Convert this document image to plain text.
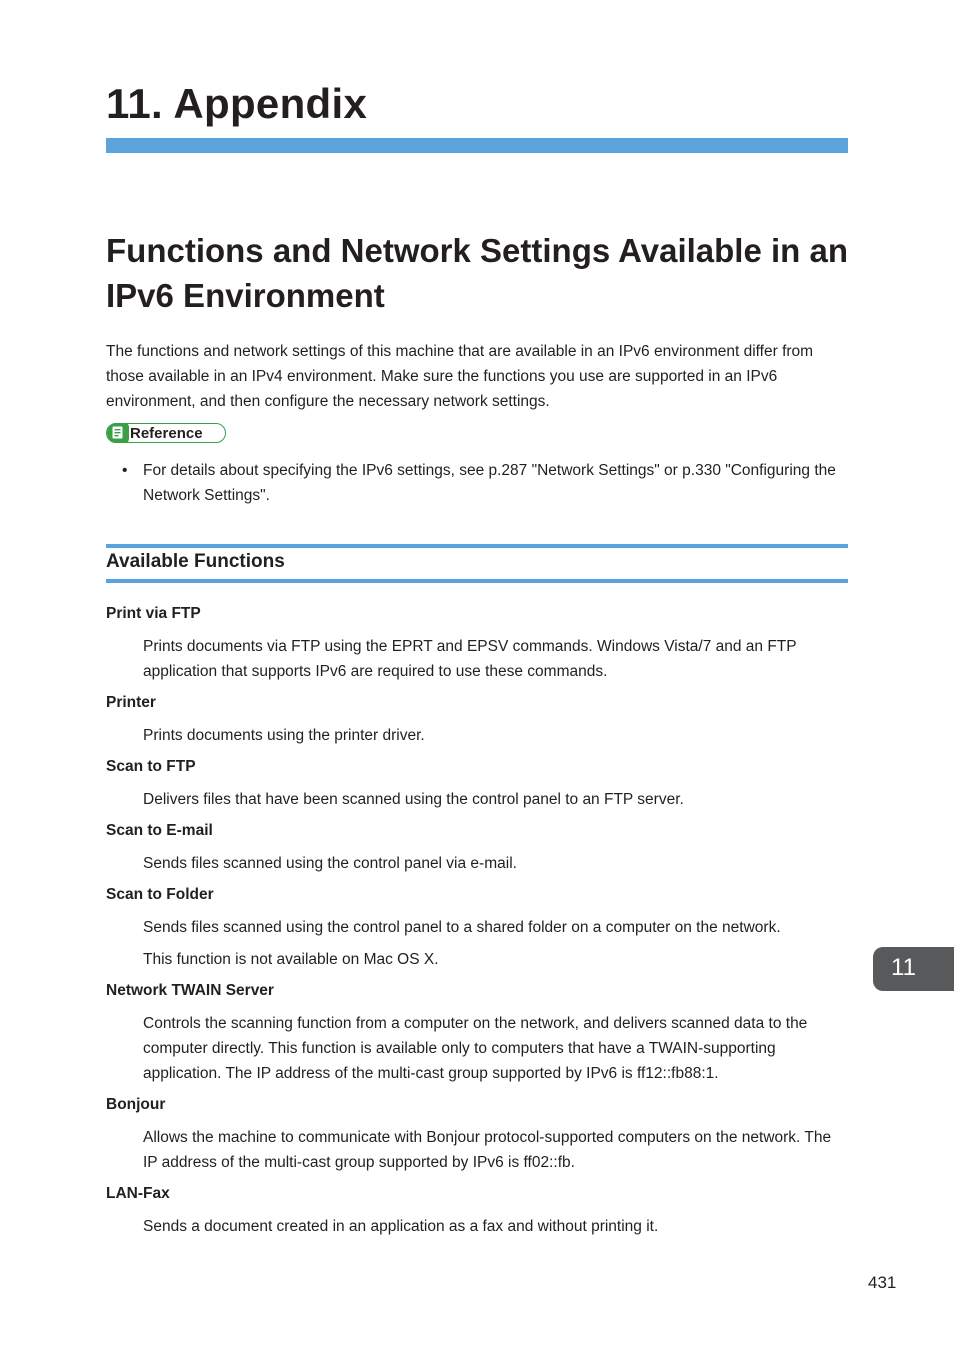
11. Appendix
Functions and Network Settings Available in an IPv6 Environment

The functions and network settings of this machine that are available in an IPv6 environment differ from those available in an IPv4 environment. Make sure the functions you use are supported in an IPv6 environment, and then configure the necessary network settings.

Reference
• For details about specifying the IPv6 settings, see p.287 "Network Settings" or p.330 "Configuring the Network Settings".
Available Functions

Print via FTP

Prints documents via FTP using the EPRT and EPSV commands. Windows Vista/7 and an FTP application that supports IPv6 are required to use these commands.

Printer

Prints documents using the printer driver.

Scan to FTP

Delivers files that have been scanned using the control panel to an FTP server.

Scan to E-mail

Sends files scanned using the control panel via e-mail.

Scan to Folder

Sends files scanned using the control panel to a shared folder on a computer on the network.

This function is not available on Mac OS X.

Network TWAIN Server

Controls the scanning function from a computer on the network, and delivers scanned data to the computer directly. This function is available only to computers that have a TWAIN-supporting application. The IP address of the multi-cast group supported by IPv6 is ff12::fb88:1.

Bonjour

Allows the machine to communicate with Bonjour protocol-supported computers on the network. The IP address of the multi-cast group supported by IPv6 is ff02::fb.

LAN-Fax

Sends a document created in an application as a fax and without printing it.

11
431
